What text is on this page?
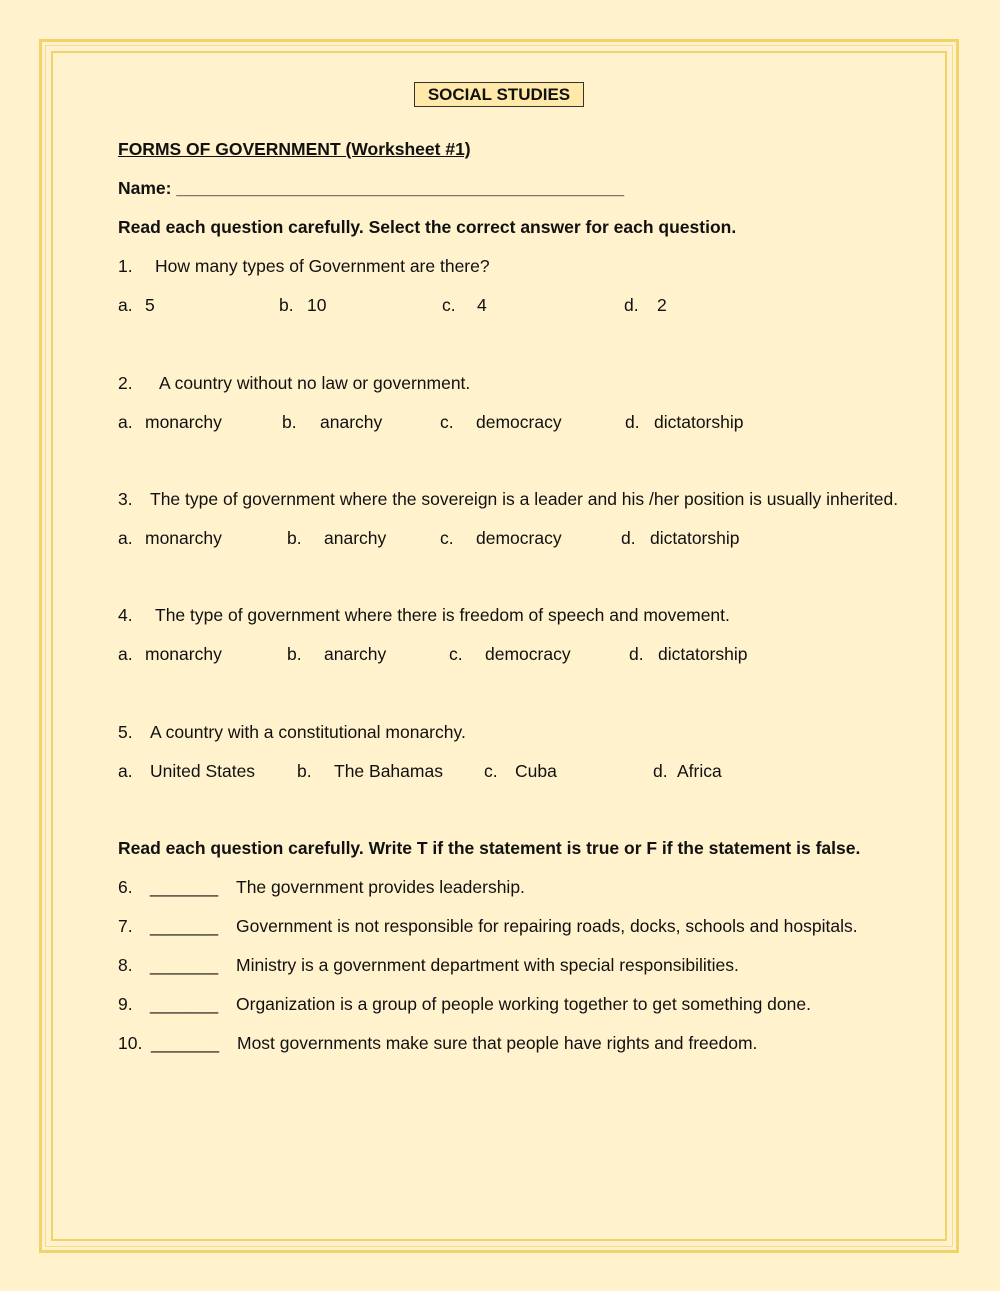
SOCIAL STUDIES
FORMS OF GOVERNMENT (Worksheet #1)
Name: ______________________________________________
Read each question carefully. Select the correct answer for each question.
1. How many types of Government are there?
a. 5	b. 10	c. 4	d. 2
2. A country without no law or government.
a. monarchy	b. anarchy	c. democracy	d. dictatorship
3. The type of government where the sovereign is a leader and his /her position is usually inherited.
a. monarchy	b. anarchy	c. democracy	d. dictatorship
4. The type of government where there is freedom of speech and movement.
a. monarchy	b. anarchy	c. democracy	d. dictatorship
5. A country with a constitutional monarchy.
a. United States b. The Bahamas c. Cuba	d. Africa
Read each question carefully. Write T if the statement is true or F if the statement is false.
6. _______ The government provides leadership.
7. _______ Government is not responsible for repairing roads, docks, schools and hospitals.
8. _______ Ministry is a government department with special responsibilities.
9. _______ Organization is a group of people working together to get something done.
10. _______ Most governments make sure that people have rights and freedom.
